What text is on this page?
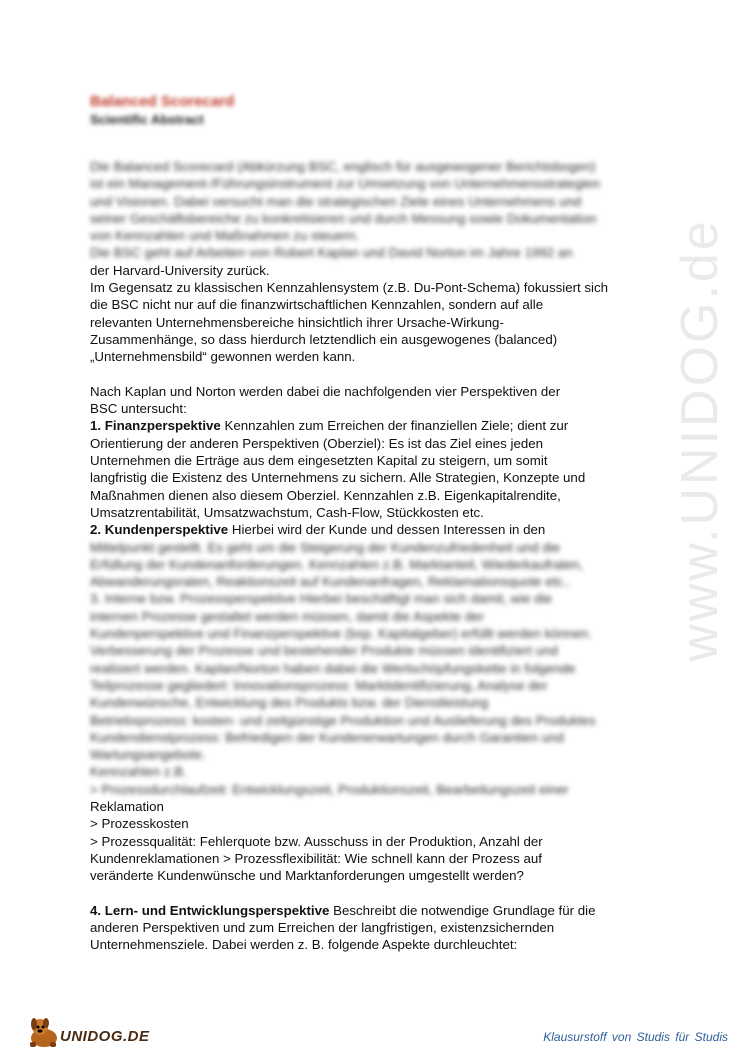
www.UNIDOG.de
Balanced Scorecard
Scientific Abstract
Die Balanced Scorecard (Abkürzung BSC, englisch für ausgewogener Berichtsbogen)
ist ein Management-/Führungsinstrument zur Umsetzung von Unternehmensstrategien
und Visionen. Dabei versucht man die strategischen Ziele eines Unternehmens und
seiner Geschäftsbereiche zu konkretisieren und durch Messung sowie Dokumentation
von Kennzahlen und Maßnahmen zu steuern.
Die BSC geht auf Arbeiten von Robert Kaplan und David Norton im Jahre 1992 an
der Harvard-University zurück.
Im Gegensatz zu klassischen Kennzahlensystem (z.B. Du-Pont-Schema) fokussiert sich
die BSC nicht nur auf die finanzwirtschaftlichen Kennzahlen, sondern auf alle
relevanten Unternehmensbereiche hinsichtlich ihrer Ursache-Wirkung-
Zusammenhänge, so dass hierdurch letztendlich ein ausgewogenes (balanced)
„Unternehmensbild“ gewonnen werden kann.
Nach Kaplan und Norton werden dabei die nachfolgenden vier Perspektiven der
BSC untersucht:
1. Finanzperspektive Kennzahlen zum Erreichen der finanziellen Ziele; dient zur
Orientierung der anderen Perspektiven (Oberziel): Es ist das Ziel eines jeden
Unternehmen die Erträge aus dem eingesetzten Kapital zu steigern, um somit
langfristig die Existenz des Unternehmens zu sichern. Alle Strategien, Konzepte und
Maßnahmen dienen also diesem Oberziel. Kennzahlen z.B. Eigenkapitalrendite,
Umsatzrentabilität, Umsatzwachstum, Cash-Flow, Stückkosten etc.
2. Kundenperspektive Hierbei wird der Kunde und dessen Interessen in den
Mittelpunkt gestellt. Es geht um die Steigerung der Kundenzufriedenheit und die
Erfüllung der Kundenanforderungen. Kennzahlen z.B. Marktanteil, Wiederkaufraten,
Abwanderungsraten, Reaktionszeit auf Kundenanfragen, Reklamationsquote etc..
3. Interne bzw. Prozessperspektive Hierbei beschäftigt man sich damit, wie die
internen Prozesse gestaltet werden müssen, damit die Aspekte der
Kundenperspektive und Finanzperspektive (bsp. Kapitalgeber) erfüllt werden können.
Verbesserung der Prozesse und bestehender Produkte müssen identifiziert und
realisiert werden. Kaplan/Norton haben dabei die Wertschöpfungskette in folgende
Teilprozesse gegliedert: Innovationsprozess: Marktidentifizierung, Analyse der
Kundenwünsche, Entwicklung des Produkts bzw. der Dienstleistung
Betriebsprozess: kosten- und zeitgünstige Produktion und Auslieferung des Produktes
Kundendienstprozess: Befriedigen der Kundenerwartungen durch Garantien und
Wartungsangebote.
Kennzahlen z.B.
> Prozessdurchlaufzeit: Entwicklungszeit, Produktionszeit, Bearbeitungszeit einer
Reklamation
> Prozesskosten
> Prozessqualität: Fehlerquote bzw. Ausschuss in der Produktion, Anzahl der
Kundenreklamationen > Prozessflexibilität: Wie schnell kann der Prozess auf
veränderte Kundenwünsche und Marktanforderungen umgestellt werden?
4. Lern- und Entwicklungsperspektive Beschreibt die notwendige Grundlage für die
anderen Perspektiven und zum Erreichen der langfristigen, existenzsichernden
Unternehmensziele. Dabei werden z. B. folgende Aspekte durchleuchtet:
UNIDOG.DE	Klausurstoff von Studis für Studis
